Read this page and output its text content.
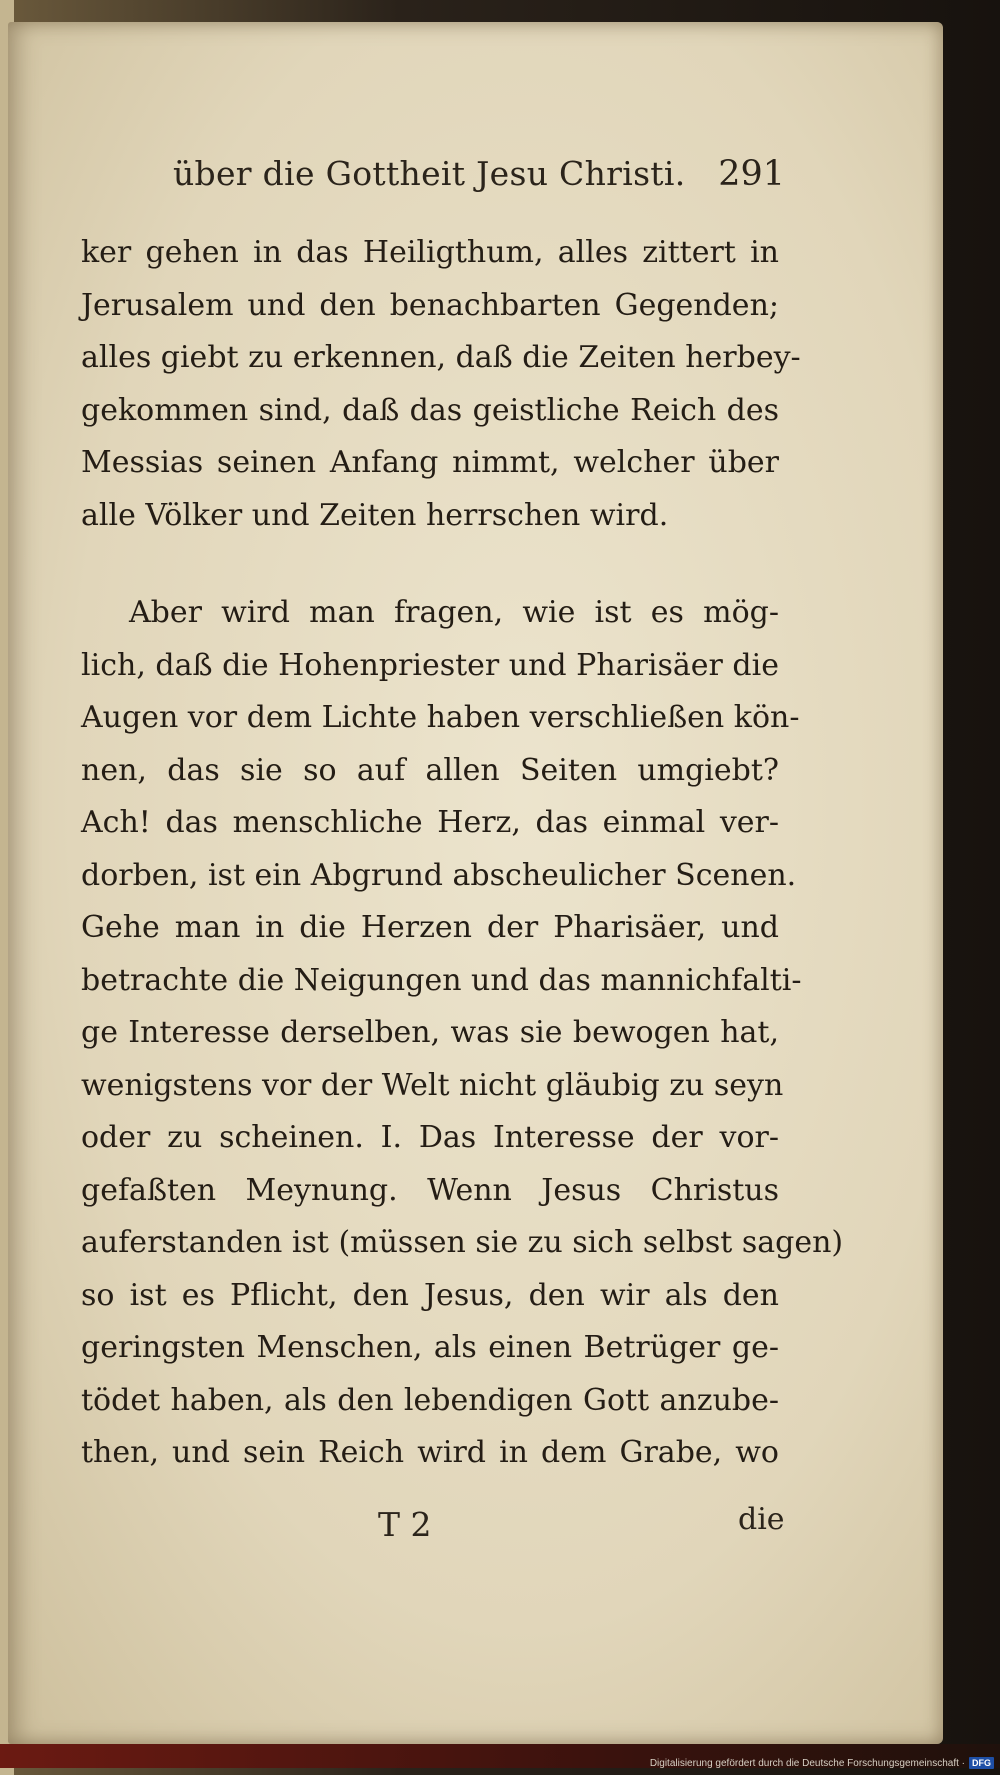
über die Gottheit Jesu Christi. 291
ker gehen in das Heiligthum, alles zittert in
Jerusalem und den benachbarten Gegenden;
alles giebt zu erkennen, daß die Zeiten herbey-
gekommen sind, daß das geistliche Reich des
Messias seinen Anfang nimmt, welcher über
alle Völker und Zeiten herrschen wird.
Aber wird man fragen, wie ist es mög-
lich, daß die Hohenpriester und Pharisäer die
Augen vor dem Lichte haben verschließen kön-
nen, das sie so auf allen Seiten umgiebt?
Ach! das menschliche Herz, das einmal ver-
dorben, ist ein Abgrund abscheulicher Scenen.
Gehe man in die Herzen der Pharisäer, und
betrachte die Neigungen und das mannichfalti-
ge Interesse derselben, was sie bewogen hat,
wenigstens vor der Welt nicht gläubig zu seyn
oder zu scheinen. I. Das Interesse der vor-
gefaßten Meynung. Wenn Jesus Christus
auferstanden ist (müssen sie zu sich selbst sagen)
so ist es Pflicht, den Jesus, den wir als den
geringsten Menschen, als einen Betrüger ge-
tödet haben, als den lebendigen Gott anzube-
then, und sein Reich wird in dem Grabe, wo
T 2	die
Digitalisierung gefördert durch die Deutsche Forschungsgemeinschaft · DFG
